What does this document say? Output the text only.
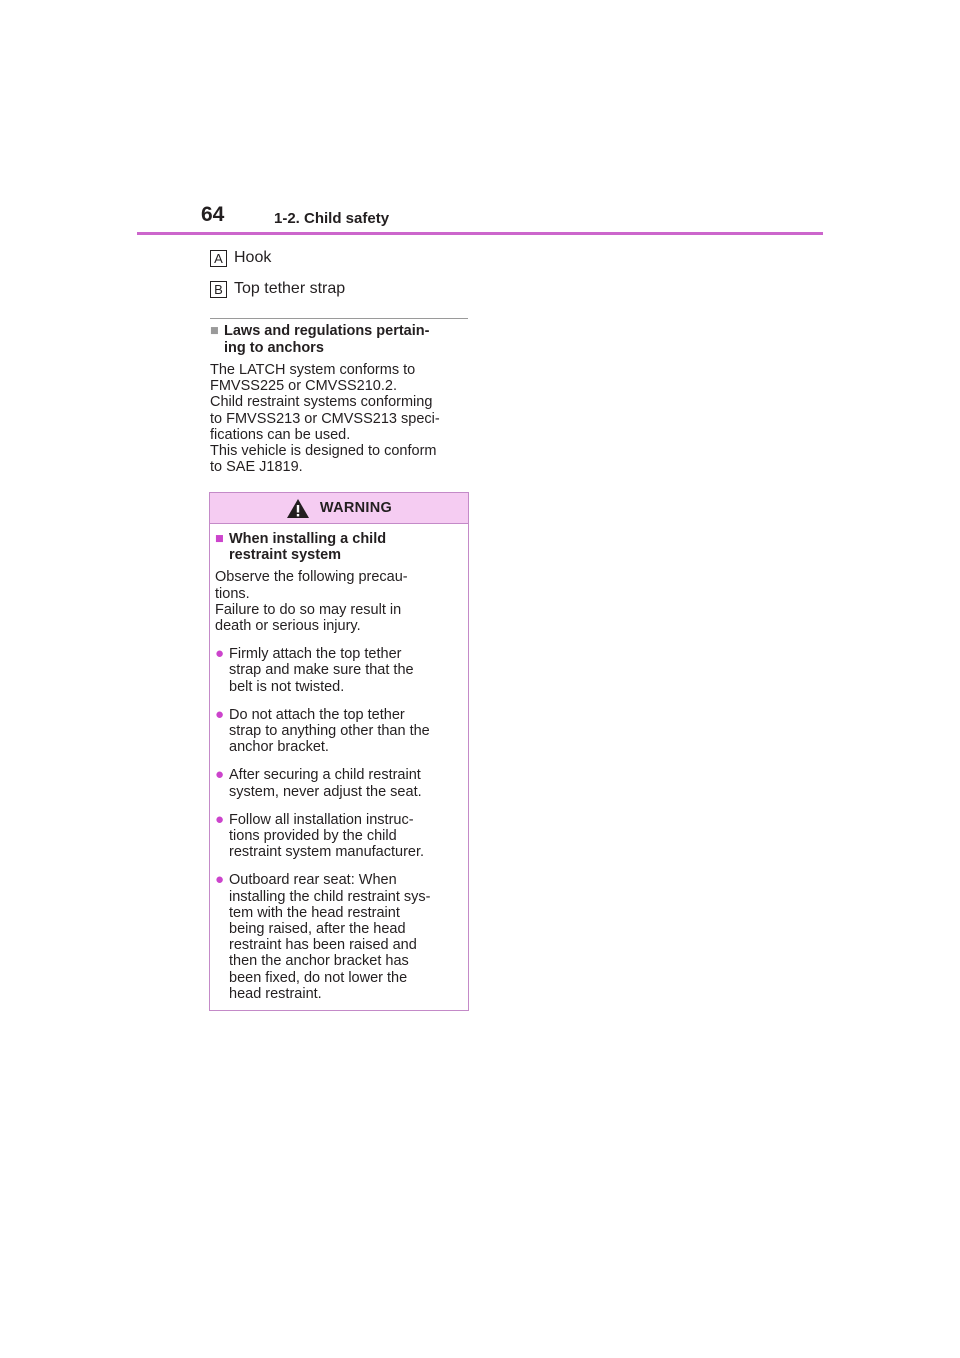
64	1-2. Child safety
A Hook
B Top tether strap
■ Laws and regulations pertain-
ing to anchors

The LATCH system conforms to
FMVSS225 or CMVSS210.2.
Child restraint systems conforming
to FMVSS213 or CMVSS213 speci-
fications can be used.
This vehicle is designed to conform
to SAE J1819.

WARNING
■ When installing a child
restraint system
Observe the following precau-
tions.
Failure to do so may result in
death or serious injury.
● Firmly attach the top tether
strap and make sure that the
belt is not twisted.
● Do not attach the top tether
strap to anything other than the
anchor bracket.
● After securing a child restraint
system, never adjust the seat.
● Follow all installation instruc-
tions provided by the child
restraint system manufacturer.
● Outboard rear seat: When
installing the child restraint sys-
tem with the head restraint
being raised, after the head
restraint has been raised and
then the anchor bracket has
been fixed, do not lower the
head restraint.
